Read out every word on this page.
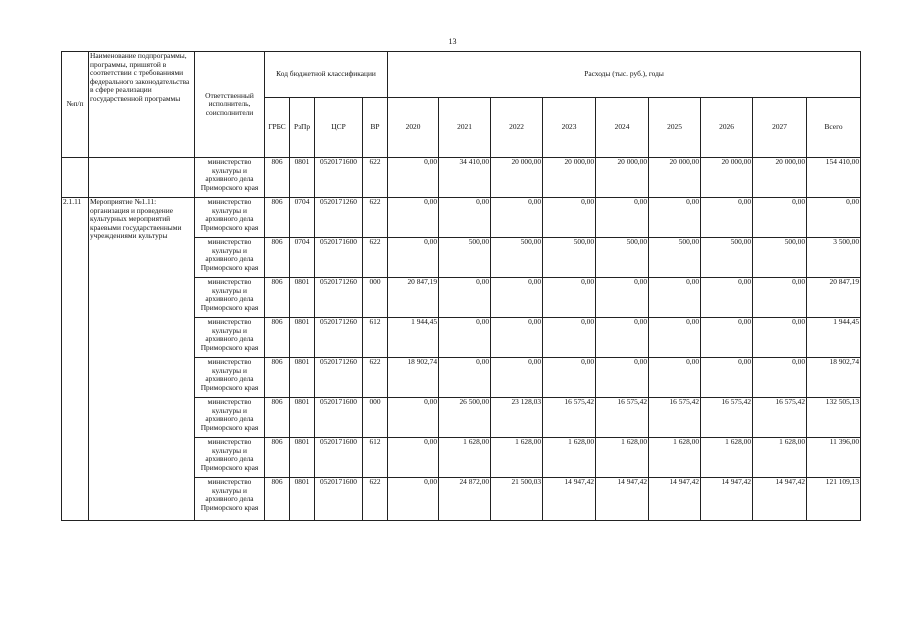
13
№п/п	Наименование подпрограммы, программы, пришятой в соответствии с требованиями федерального законодательства в сфере реализации государственной программы	Ответственный исполнитель, соисполнители	Код бюджетной классификации				Расходы (тыс. руб.), годы								
			ГРБС	РзПр	ЦСР	ВР	2020	2021	2022	2023	2024	2025	2026	2027	Всего
		министерство культуры и архивного дела Приморского края	806	0801	0520171600	622	0,00	34 410,00	20 000,00	20 000,00	20 000,00	20 000,00	20 000,00	20 000,00	154 410,00
2.1.11	Мероприятие №1.11: организация и проведение культурных мероприятий краевыми государственными учреждениями культуры	министерство культуры и архивного дела Приморского края	806	0704	0520171260	622	0,00	0,00	0,00	0,00	0,00	0,00	0,00	0,00	0,00
		министерство культуры и архивного дела Приморского края	806	0704	0520171600	622	0,00	500,00	500,00	500,00	500,00	500,00	500,00	500,00	3 500,00
		министерство культуры и архивного дела Приморского края	806	0801	0520171260	000	20 847,19	0,00	0,00	0,00	0,00	0,00	0,00	0,00	20 847,19
		министерство культуры и архивного дела Приморского края	806	0801	0520171260	612	1 944,45	0,00	0,00	0,00	0,00	0,00	0,00	0,00	1 944,45
		министерство культуры и архивного дела Приморского края	806	0801	0520171260	622	18 902,74	0,00	0,00	0,00	0,00	0,00	0,00	0,00	18 902,74
		министерство культуры и архивного дела Приморского края	806	0801	0520171600	000	0,00	26 500,00	23 128,03	16 575,42	16 575,42	16 575,42	16 575,42	16 575,42	132 505,13
		министерство культуры и архивного дела Приморского края	806	0801	0520171600	612	0,00	1 628,00	1 628,00	1 628,00	1 628,00	1 628,00	1 628,00	1 628,00	11 396,00
		министерство культуры и архивного дела Приморского края	806	0801	0520171600	622	0,00	24 872,00	21 500,03	14 947,42	14 947,42	14 947,42	14 947,42	14 947,42	121 109,13
